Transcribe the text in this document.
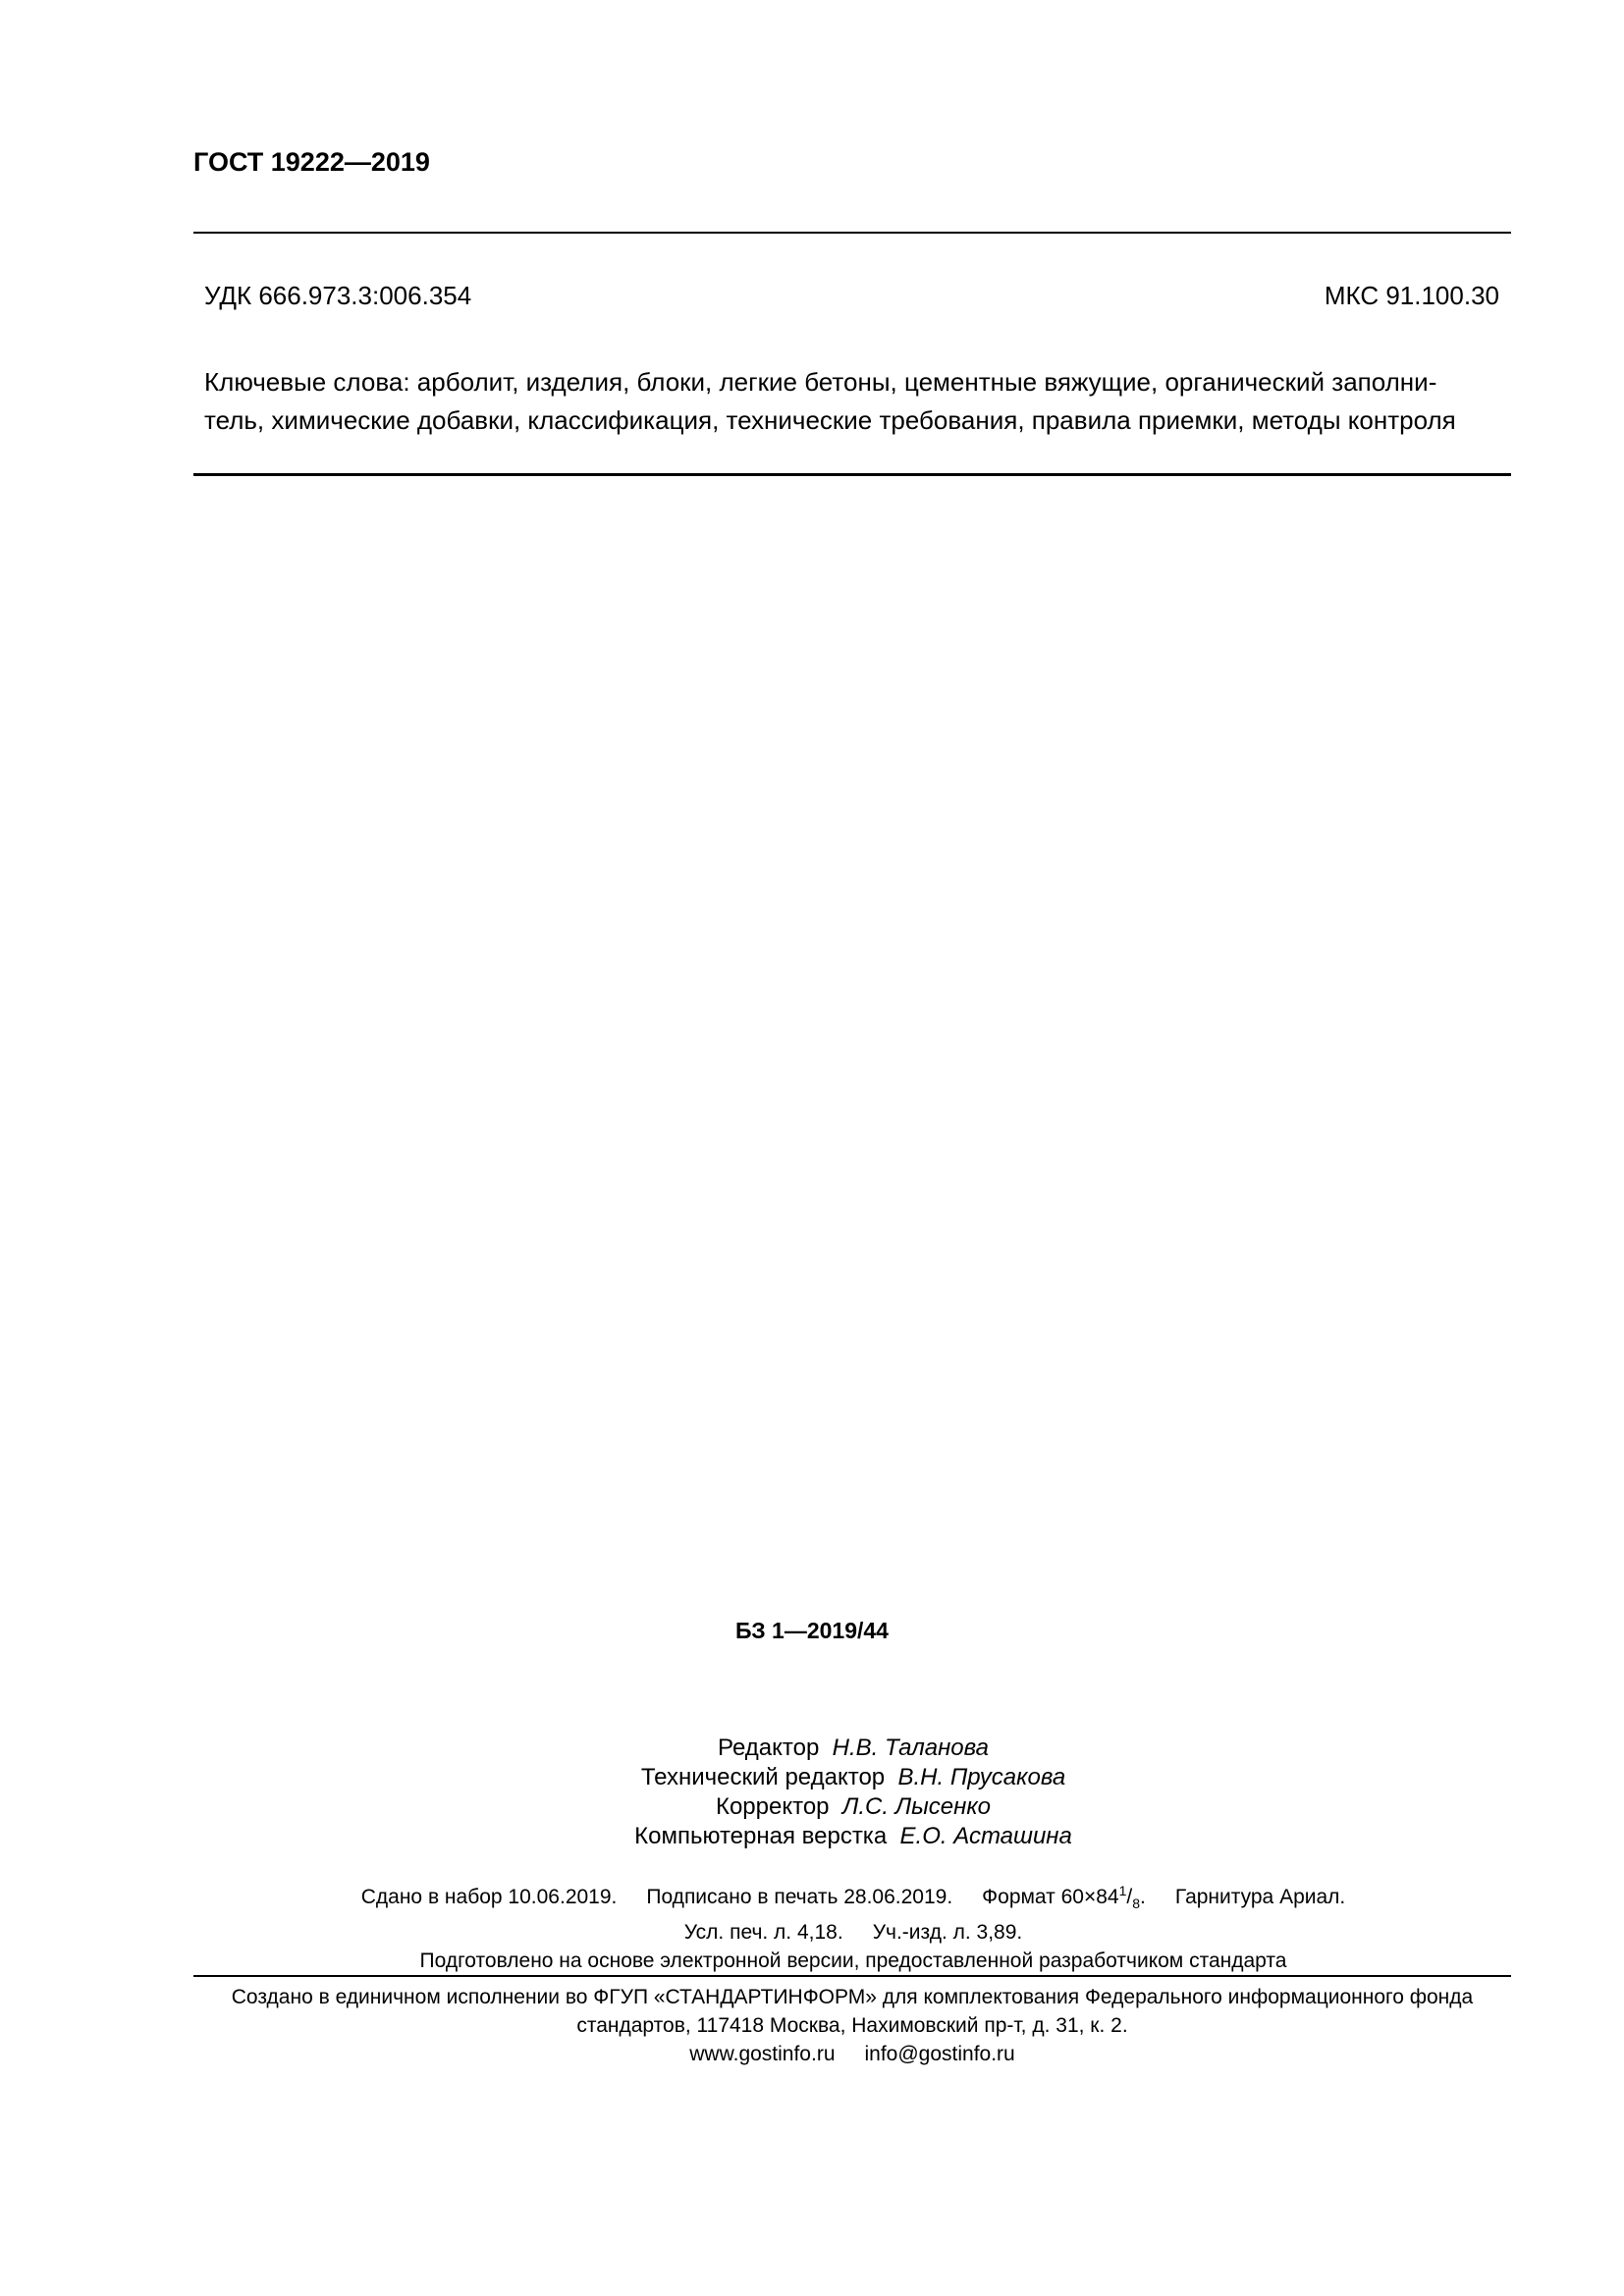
ГОСТ 19222—2019
УДК 666.973.3:006.354	МКС 91.100.30
Ключевые слова: арболит, изделия, блоки, легкие бетоны, цементные вяжущие, органический заполни-
тель, химические добавки, классификация, технические требования, правила приемки, методы контроля
БЗ 1—2019/44
Редактор Н.В. Таланова
Технический редактор В.Н. Прусакова
Корректор Л.С. Лысенко
Компьютерная верстка Е.О. Асташина
Сдано в набор 10.06.2019. Подписано в печать 28.06.2019. Формат $60\times 84^1/_8$. Гарнитура Ариал.
Усл. печ. л. 4,18. Уч.-изд. л. 3,89.
Подготовлено на основе электронной версии, предоставленной разработчиком стандарта
Создано в единичном исполнении во ФГУП «СТАНДАРТИНФОРМ» для комплектования Федерального информационного фонда
стандартов, 117418 Москва, Нахимовский пр-т, д. 31, к. 2.
www.gostinfo.ru info@gostinfo.ru
